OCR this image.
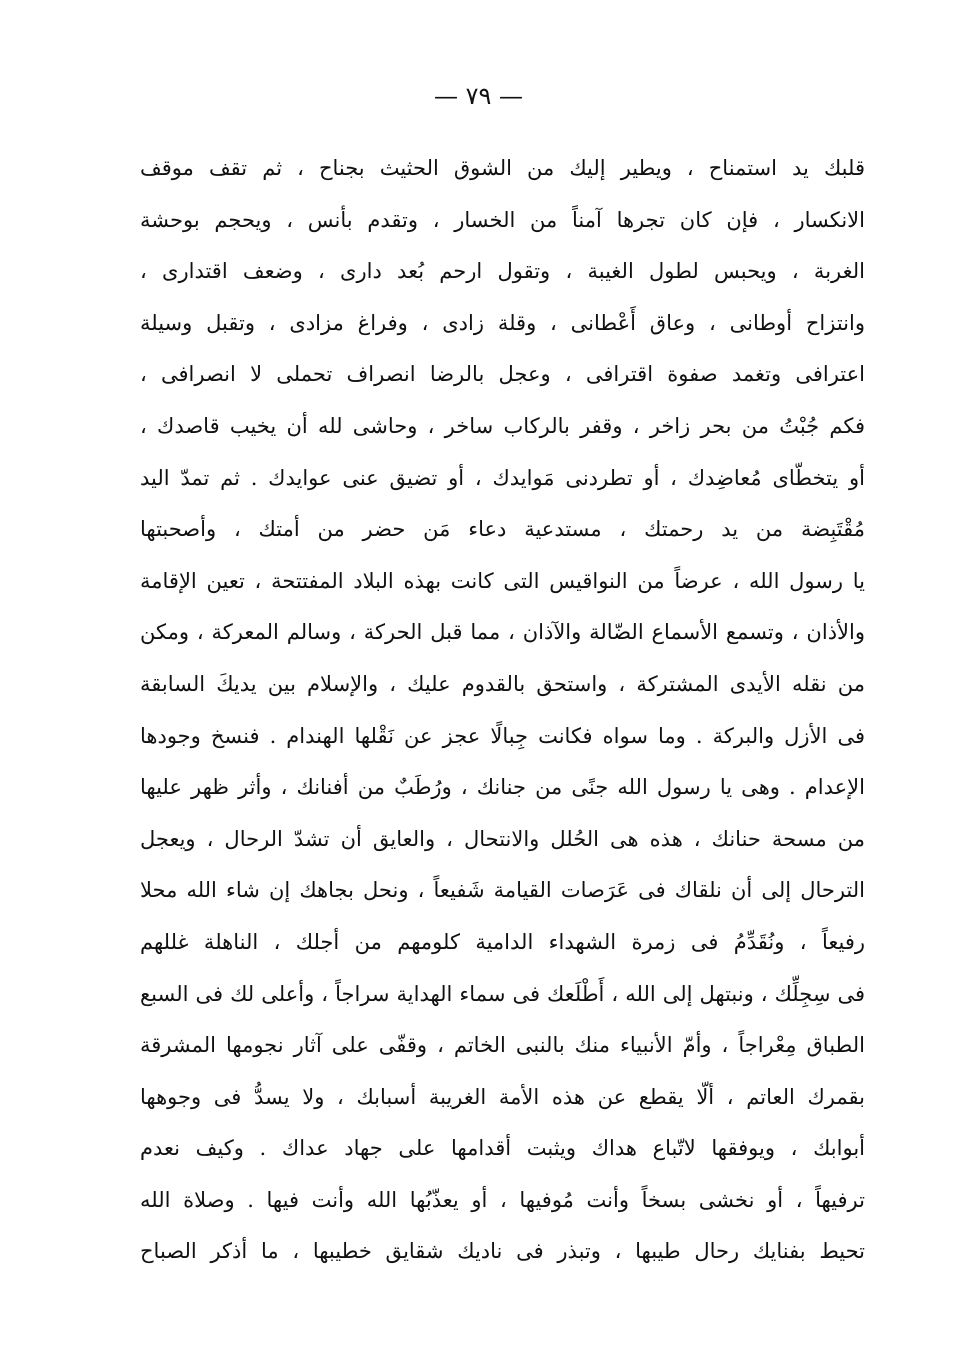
— ٧٩ —
قلبك يد استمناح ، ويطير إليك من الشوق الحثيث بجناح ، ثم تقف موقف
الانكسار ، فإن كان تجرها آمناً من الخسار ، وتقدم بأنس ، ويحجم بوحشة
الغربة ، ويحبس لطول الغيبة ، وتقول ارحم بُعد دارى ، وضعف اقتدارى ،
وانتزاح أوطانى ، وعاق أَعْطانى ، وقلة زادى ، وفراغ مزادى ، وتقبل وسيلة
اعترافى وتغمد صفوة اقترافى ، وعجل بالرضا انصراف تحملى لا انصرافى ،
فكم جُبْتُ من بحر زاخر ، وقفر بالركاب ساخر ، وحاشى لله أن يخيب قاصدك ،
أو يتخطّاى مُعاضِدك ، أو تطردنى مَوايدك ، أو تضيق عنى عوايدك . ثم تمدّ اليد
مُقْتَبِضة من يد رحمتك ، مستدعية دعاء مَن حضر من أمتك ، وأصحبتها
يا رسول الله ، عرضاً من النواقيس التى كانت بهذه البلاد المفتتحة ، تعين الإقامة
والأذان ، وتسمع الأسماع الضّالة والآذان ، مما قبل الحركة ، وسالم المعركة ، ومكن
من نقله الأيدى المشتركة ، واستحق بالقدوم عليك ، والإسلام بين يديكَ السابقة
فى الأزل والبركة . وما سواه فكانت جِبالًا عجز عن نَقْلها الهندام . فنسخ وجودها
الإعدام . وهى يا رسول الله جنًى من جنانك ، ورُطَبٌ من أفنانك ، وأثر ظهر عليها
من مسحة حنانك ، هذه هى الحُلل والانتحال ، والعايق أن تشدّ الرحال ، ويعجل
الترحال إلى أن نلقاك فى عَرَصات القيامة شَفيعاً ، ونحل بجاهك إن شاء الله محلا
رفيعاً ، ونُقَدِّمُ فى زمرة الشهداء الدامية كلومهم من أجلك ، الناهلة غللهم
فى سِجِلِّك ، ونبتهل إلى الله ، أَطْلَعك فى سماء الهداية سراجاً ، وأعلى لك فى السبع
الطباق مِعْراجاً ، وأمّ الأنبياء منك بالنبى الخاتم ، وقفّى على آثار نجومها المشرقة
بقمرك العاتم ، ألّا يقطع عن هذه الأمة الغريبة أسبابك ، ولا يسدُّ فى وجوهها
أبوابك ، ويوفقها لاتّباع هداك ويثبت أقدامها على جهاد عداك . وكيف نعدم
ترفيهاً ، أو نخشى بسخاً وأنت مُوفيها ، أو يعذّبُها الله وأنت فيها . وصلاة الله
تحيط بفنايك رحال طيبها ، وتبذر فى ناديك شقايق خطيبها ، ما أذكر الصباح
